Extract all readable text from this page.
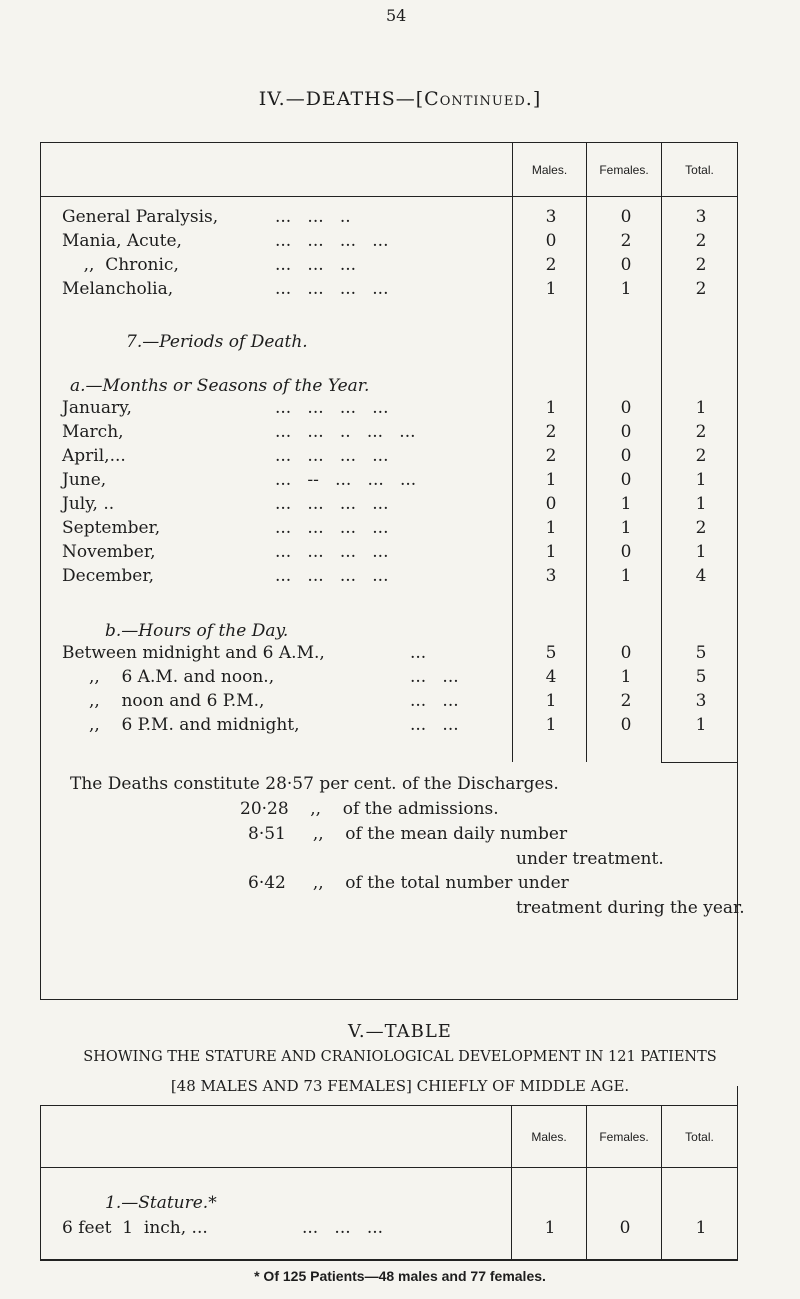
54
IV.—DEATHS—[Continued.]
Males.	Females.	Total.
General Paralysis,	...   ...   ..	3	0	3
Mania, Acute,	...   ...   ...   ...	0	2	2
,,  Chronic,	...   ...   ...	2	0	2
Melancholia,	...   ...   ...   ...	1	1	2
7.—Periods of Death.
a.—Months or Seasons of the Year.
January,	...   ...   ...   ...	1	0	1
March,	...   ...   ..   ...   ...	2	0	2
April,...	...   ...   ...   ...	2	0	2
June,	...   --   ...   ...   ...	1	0	1
July, ..	...   ...   ...   ...	0	1	1
September,	...   ...   ...   ...	1	1	2
November,	...   ...   ...   ...	1	0	1
December,	...   ...   ...   ...	3	1	4
b.—Hours of the Day.
Between midnight and 6 A.M.,	...	5	0	5
,,    6 A.M. and noon.,	...   ...	4	1	5
,,    noon and 6 P.M.,	...   ...	1	2	3
,,    6 P.M. and midnight,	...   ...	1	0	1
The Deaths constitute 28·57 per cent. of the Discharges.
20·28    ,,    of the admissions.
8·51     ,,    of the mean daily number
under treatment.
6·42     ,,    of the total number under
treatment during the year.
V.—TABLE
SHOWING THE STATURE AND CRANIOLOGICAL DEVELOPMENT IN 121 PATIENTS
[48 MALES AND 73 FEMALES] CHIEFLY OF MIDDLE AGE.
Males.	Females.	Total.
1.—Stature.*
6 feet  1  inch, ...	...   ...   ...	1	0	1
* Of 125 Patients—48 males and 77 females.
